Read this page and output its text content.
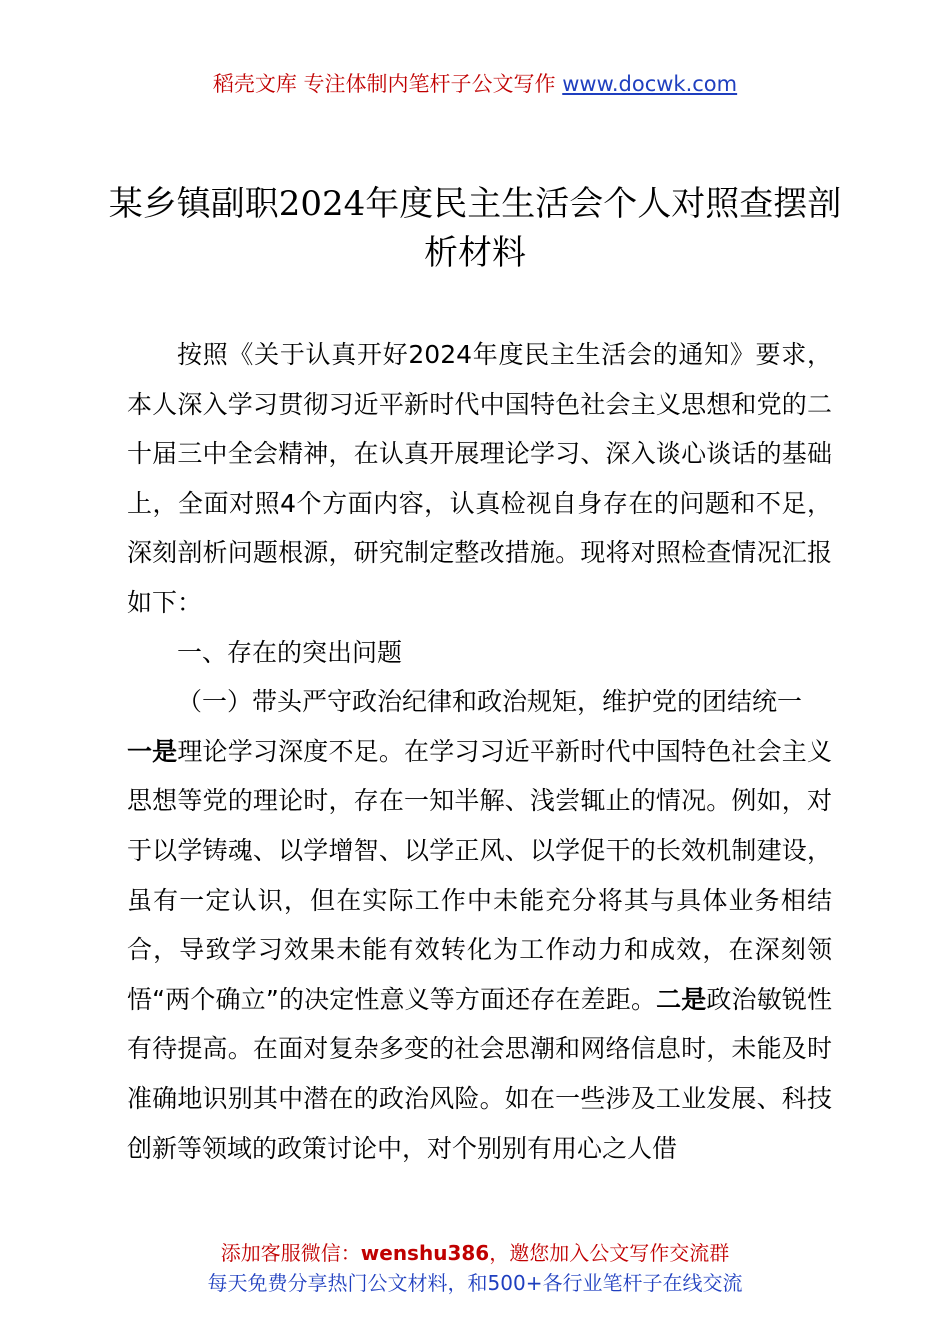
稻壳文库 专注体制内笔杆子公文写作 www.docwk.com
某乡镇副职2024年度民主生活会个人对照查摆剖析材料

按照《关于认真开好2024年度民主生活会的通知》要求，本人深入学习贯彻习近平新时代中国特色社会主义思想和党的二十届三中全会精神，在认真开展理论学习、深入谈心谈话的基础上，全面对照4个方面内容，认真检视自身存在的问题和不足，深刻剖析问题根源，研究制定整改措施。现将对照检查情况汇报如下：

一、存在的突出问题

（一）带头严守政治纪律和政治规矩，维护党的团结统一

一是理论学习深度不足。在学习习近平新时代中国特色社会主义思想等党的理论时，存在一知半解、浅尝辄止的情况。例如，对于以学铸魂、以学增智、以学正风、以学促干的长效机制建设，虽有一定认识，但在实际工作中未能充分将其与具体业务相结合，导致学习效果未能有效转化为工作动力和成效，在深刻领悟“两个确立”的决定性意义等方面还存在差距。二是政治敏锐性有待提高。在面对复杂多变的社会思潮和网络信息时，未能及时准确地识别其中潜在的政治风险。如在一些涉及工业发展、科技创新等领域的政策讨论中，对个别别有用心之人借

添加客服微信：wenshu386，邀您加入公文写作交流群
每天免费分享热门公文材料，和500+各行业笔杆子在线交流
